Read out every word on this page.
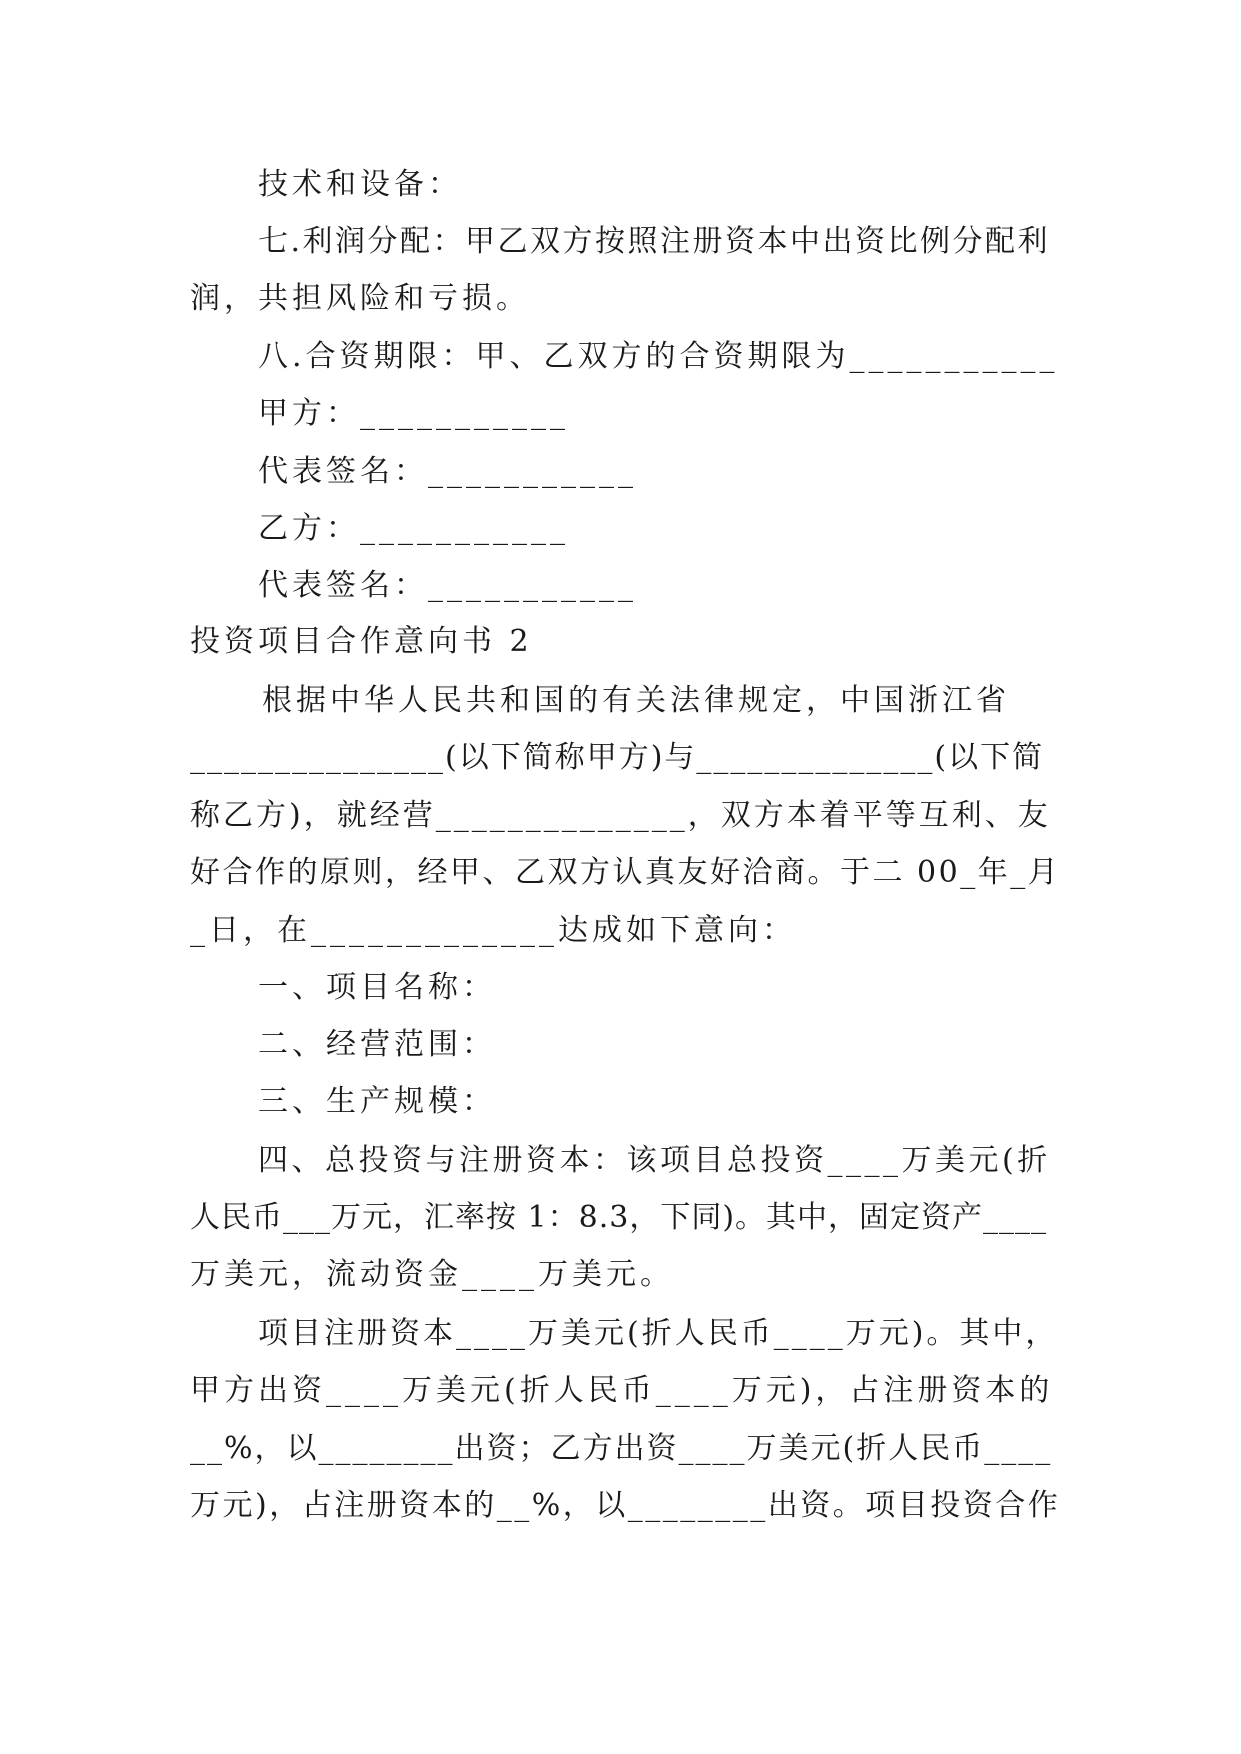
技术和设备：
七.利润分配：甲乙双方按照注册资本中出资比例分配利
润，共担风险和亏损。
八.合资期限：甲、乙双方的合资期限为___________
甲方：___________
代表签名：___________
乙方：___________
代表签名：___________
投资项目合作意向书 2
根据中华人民共和国的有关法律规定，中国浙江省
_______________(以下简称甲方)与______________(以下简
称乙方)，就经营______________，双方本着平等互利、友
好合作的原则，经甲、乙双方认真友好洽商。于二 00_年_月
_日，在_____________达成如下意向：
一、项目名称：
二、经营范围：
三、生产规模：
四、总投资与注册资本：该项目总投资____万美元(折
人民币___万元，汇率按 1：8.3，下同)。其中，固定资产____
万美元，流动资金____万美元。
项目注册资本____万美元(折人民币____万元)。其中，
甲方出资____万美元(折人民币____万元)，占注册资本的
__%，以________出资；乙方出资____万美元(折人民币____
万元)，占注册资本的__%，以________出资。项目投资合作
